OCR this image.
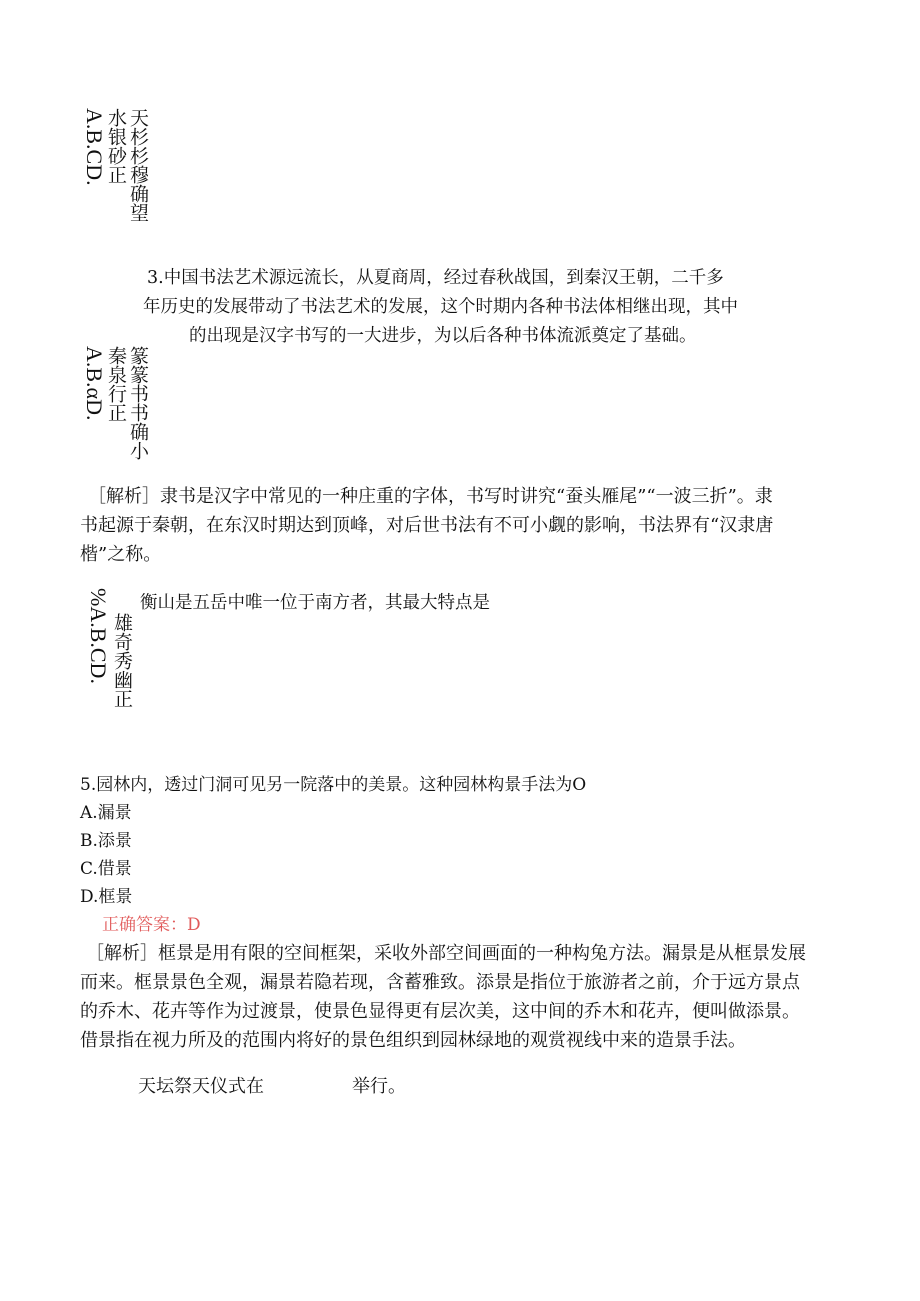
A.B.CD.
水银砂正
天杉杉穆确望
3.中国书法艺术源远流长，从夏商周，经过春秋战国，到秦汉王朝，二千多
年历史的发展带动了书法艺术的发展，这个时期内各种书法体相继出现，其中
的出现是汉字书写的一大进步，为以后各种书体流派奠定了基础。
A.B.αD.
秦泉行正
篆篆书书确小
［解析］隶书是汉字中常见的一种庄重的字体，书写时讲究“蚕头雁尾”“一波三折”。隶
书起源于秦朝，在东汉时期达到顶峰，对后世书法有不可小觑的影响，书法界有“汉隶唐
楷”之称。
衡山是五岳中唯一位于南方者，其最大特点是
%A.B.CD. 雄奇秀幽正
5.园林内，透过门洞可见另一院落中的美景。这种园林构景手法为O
A.漏景
B.添景
C.借景
D.框景
正确答案：D
［解析］框景是用有限的空间框架，采收外部空间画面的一种构兔方法。漏景是从框景发展
而来。框景景色全观，漏景若隐若现，含蓄雅致。添景是指位于旅游者之前，介于远方景点
的乔木、花卉等作为过渡景，使景色显得更有层次美，这中间的乔木和花卉，便叫做添景。
借景指在视力所及的范围内将好的景色组织到园林绿地的观赏视线中来的造景手法。
天坛祭天仪式在	举行。
